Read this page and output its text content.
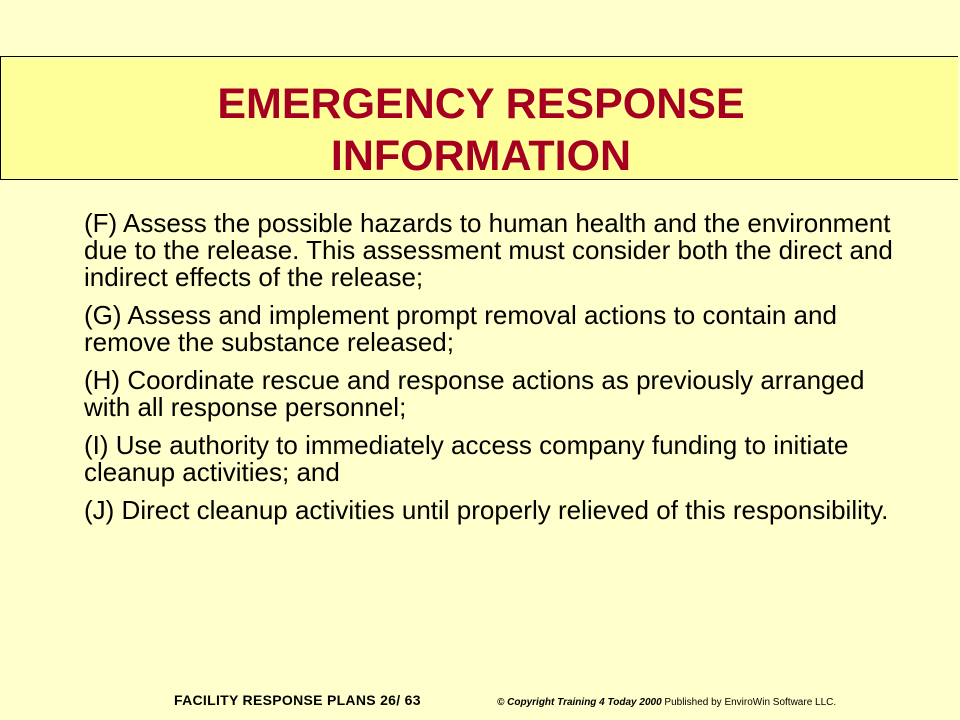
EMERGENCY RESPONSE
INFORMATION

(F) Assess the possible hazards to human health and the environment due to the release. This assessment must consider both the direct and indirect effects of the release;

(G) Assess and implement prompt removal actions to contain and remove the substance released;

(H) Coordinate rescue and response actions as previously arranged with all response personnel;

(I) Use authority to immediately access company funding to initiate cleanup activities; and

(J) Direct cleanup activities until properly relieved of this responsibility.

FACILITY RESPONSE PLANS 26/ 63	© Copyright Training 4 Today 2000 Published by EnviroWin Software LLC.
